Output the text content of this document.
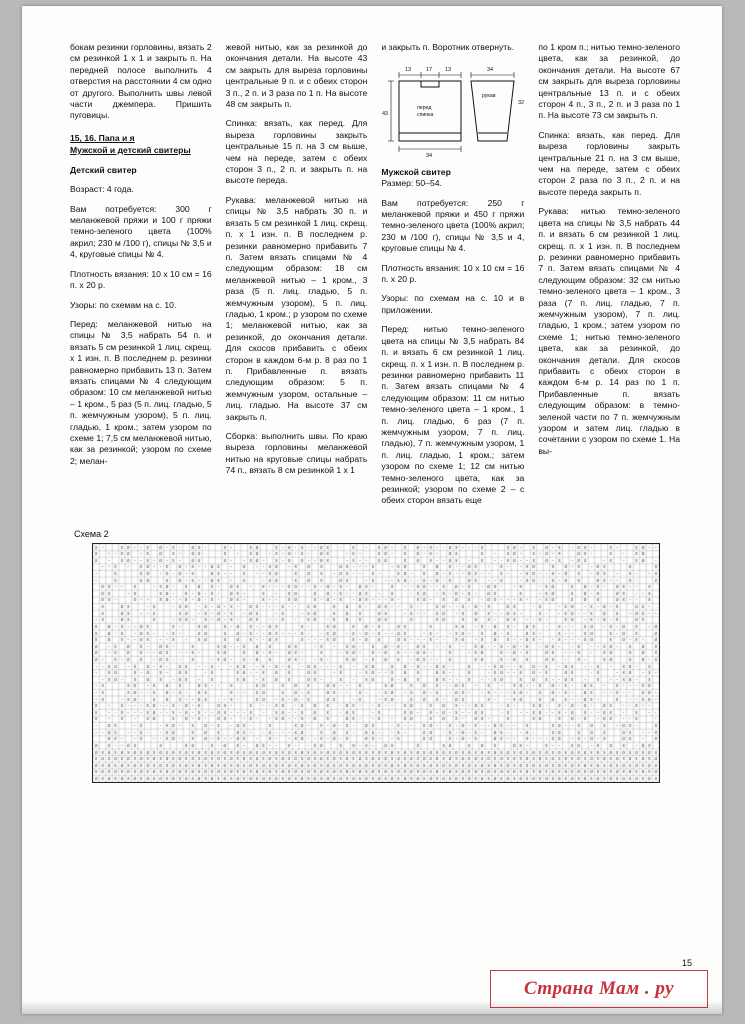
бокам резинки горловины, вязать 2 см резинкой 1 х 1 и закрыть п. На передней полосе выполнить 4 отверстия на расстоянии 4 см одно от другого. Выполнить швы левой части джемпера. Пришить пуговицы.

15, 16. Папа и я
Мужской и детский свитеры
Детский свитер

Возраст: 4 года.

Вам потребуется: 300 г меланжевой пряжи и 100 г пряжи темно-зеленого цвета (100% акрил; 230 м /100 г), спицы № 3,5 и 4, круговые спицы № 4.

Плотность вязания: 10 х 10 см = 16 п. х 20 р.

Узоры: по схемам на с. 10.

Перед: меланжевой нитью на спицы № 3,5 набрать 54 п. и вязать 5 см резинкой 1 лиц. скрещ. х 1 изн. п. В последнем р. резинки равномерно прибавить 13 п. Затем вязать спицами № 4 следующим образом: 10 см меланжевой нитью – 1 кром., 5 раз (5 п. лиц. гладью, 5 п. жемчужным узором), 5 п. лиц. гладью, 1 кром.; затем узором по схеме 1; 7,5 см меланжевой нитью, как за резинкой; узором по схеме 2; мелан-

жевой нитью, как за резинкой до окончания детали. На высоте 43 см закрыть для выреза горловины центральные 9 п. и с обеих сторон 3 п., 2 п. и 3 раза по 1 п. На высоте 48 см закрыть п.

Спинка: вязать, как перед. Для выреза горловины закрыть центральные 15 п. на 3 см выше, чем на переде, затем с обеих сторон 3 п., 2 п. и закрыть п. на высоте переда.

Рукава: меланжевой нитью на спицы № 3,5 набрать 30 п. и вязать 5 см резинкой 1 лиц. скрещ. п. х 1 изн. п. В последнем р. резинки равномерно прибавить 7 п. Затем вязать спицами № 4 следующим образом: 18 см меланжевой нитью – 1 кром., 3 раза (5 п. лиц. гладью, 5 п. жемчужным узором), 5 п. лиц. гладью, 1 кром.; р узором по схеме 1; меланжевой нитью, как за резинкой, до окончания детали. Для скосов прибавить с обеих сторон в каждом 6-м р. 8 раз по 1 п. Прибавленные п. вязать следующим образом: 5 п. жемчужным узором, остальные – лиц. гладью. На высоте 37 см закрыть п.

Сборка: выполнить швы. По краю выреза горловины меланжевой нитью на круговые спицы набрать 74 п., вязать 8 см резинкой 1 х 1

и закрыть п. Воротник отвернуть.

13	17 13	34
43
34
32
перед
спинка
рукав
Мужской свитер

Размер: 50–54.

Вам потребуется: 250 г меланжевой пряжи и 450 г пряжи темно-зеленого цвета (100% акрил; 230 м /100 г), спицы № 3,5 и 4, круговые спицы № 4.

Плотность вязания: 10 х 10 см = 16 п. х 20 р.

Узоры: по схемам на с. 10 и в приложении.

Перед: нитью темно-зеленого цвета на спицы № 3,5 набрать 84 п. и вязать 6 см резинкой 1 лиц. скрещ. п. х 1 изн. п. В последнем р. резинки равномерно прибавить 11 п. Затем вязать спицами № 4 следующим образом: 11 см нитью темно-зеленого цвета – 1 кром., 1 п. лиц. гладью, 6 раз (7 п. жемчужным узором, 7 п. лиц. гладью), 7 п. жемчужным узором, 1 п. лиц. гладью, 1 кром.; затем узором по схеме 1; 12 см нитью темно-зеленого цвета, как за резинкой; узором по схеме 2 – с обеих сторон вязать еще

по 1 кром п.; нитью темно-зеленого цвета, как за резинкой, до окончания детали. На высоте 67 см закрыть для выреза горловины центральные 13 п. и с обеих сторон 4 п., 3 п., 2 п. и 3 раза по 1 п. На высоте 73 см закрыть п.

Спинка: вязать, как перед. Для выреза горловины закрыть центральные 21 п. на 3 см выше, чем на переде, затем с обеих сторон 2 раза по 3 п., 2 п. и на высоте переда закрыть п.

Рукава: нитью темно-зеленого цвета на спицы № 3,5 набрать 44 п. и вязать 6 см резинкой 1 лиц. скрещ. п. х 1 изн. п. В последнем р. резинки равномерно прибавить 7 п. Затем вязать спицами № 4 следующим образом: 32 см нитью темно-зеленого цвета – 1 кром., 3 раза (7 п. лиц. гладью, 7 п. жемчужным узором), 7 п. лиц. гладью, 1 кром.; затем узором по схеме 1; нитью темно-зеленого цвета, как за резинкой, до окончания детали. Для скосов прибавить с обеих сторон в каждом 6-м р. 14 раз по 1 п. Прибавленные п. вязать следующим образом: в темно-зеленой части по 7 п. жемчужным узором и затем лиц. гладью в сочетании с узором по схеме 1. На вы-

Схема 2
15
Страна Мам . ру
